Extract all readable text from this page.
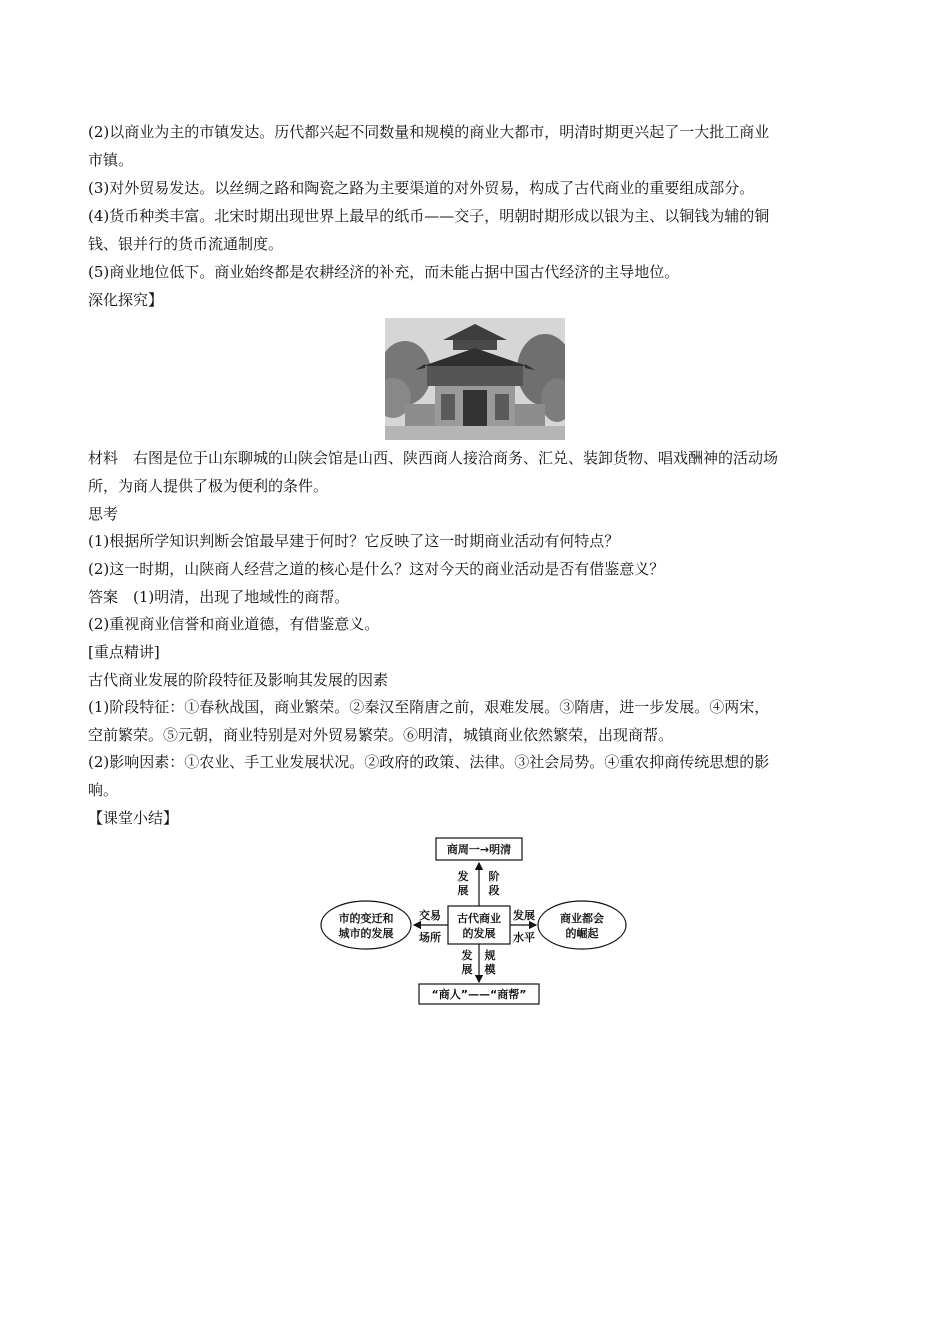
(2)以商业为主的市镇发达。历代都兴起不同数量和规模的商业大都市，明清时期更兴起了一大批工商业
市镇。
(3)对外贸易发达。以丝绸之路和陶瓷之路为主要渠道的对外贸易，构成了古代商业的重要组成部分。
(4)货币种类丰富。北宋时期出现世界上最早的纸币——交子，明朝时期形成以银为主、以铜钱为辅的铜
钱、银并行的货币流通制度。
(5)商业地位低下。商业始终都是农耕经济的补充，而未能占据中国古代经济的主导地位。
深化探究】
材料　右图是位于山东聊城的山陕会馆是山西、陕西商人接洽商务、汇兑、装卸货物、唱戏酬神的活动场
所，为商人提供了极为便利的条件。
思考
(1)根据所学知识判断会馆最早建于何时？它反映了这一时期商业活动有何特点？
(2)这一时期，山陕商人经营之道的核心是什么？这对今天的商业活动是否有借鉴意义？
答案　(1)明清，出现了地域性的商帮。
(2)重视商业信誉和商业道德，有借鉴意义。
[重点精讲]
古代商业发展的阶段特征及影响其发展的因素
(1)阶段特征：①春秋战国，商业繁荣。②秦汉至隋唐之前，艰难发展。③隋唐，进一步发展。④两宋，
空前繁荣。⑤元朝，商业特别是对外贸易繁荣。⑥明清，城镇商业依然繁荣，出现商帮。
(2)影响因素：①农业、手工业发展状况。②政府的政策、法律。③社会局势。④重农抑商传统思想的影
响。
【课堂小结】
商周一→明清
古代商业
的发展
发
展
阶
段
市的变迁和
城市的发展
交易
场所
商业都会
的崛起
发展
水平
发
展
规
模
“商人”——“商帮”
